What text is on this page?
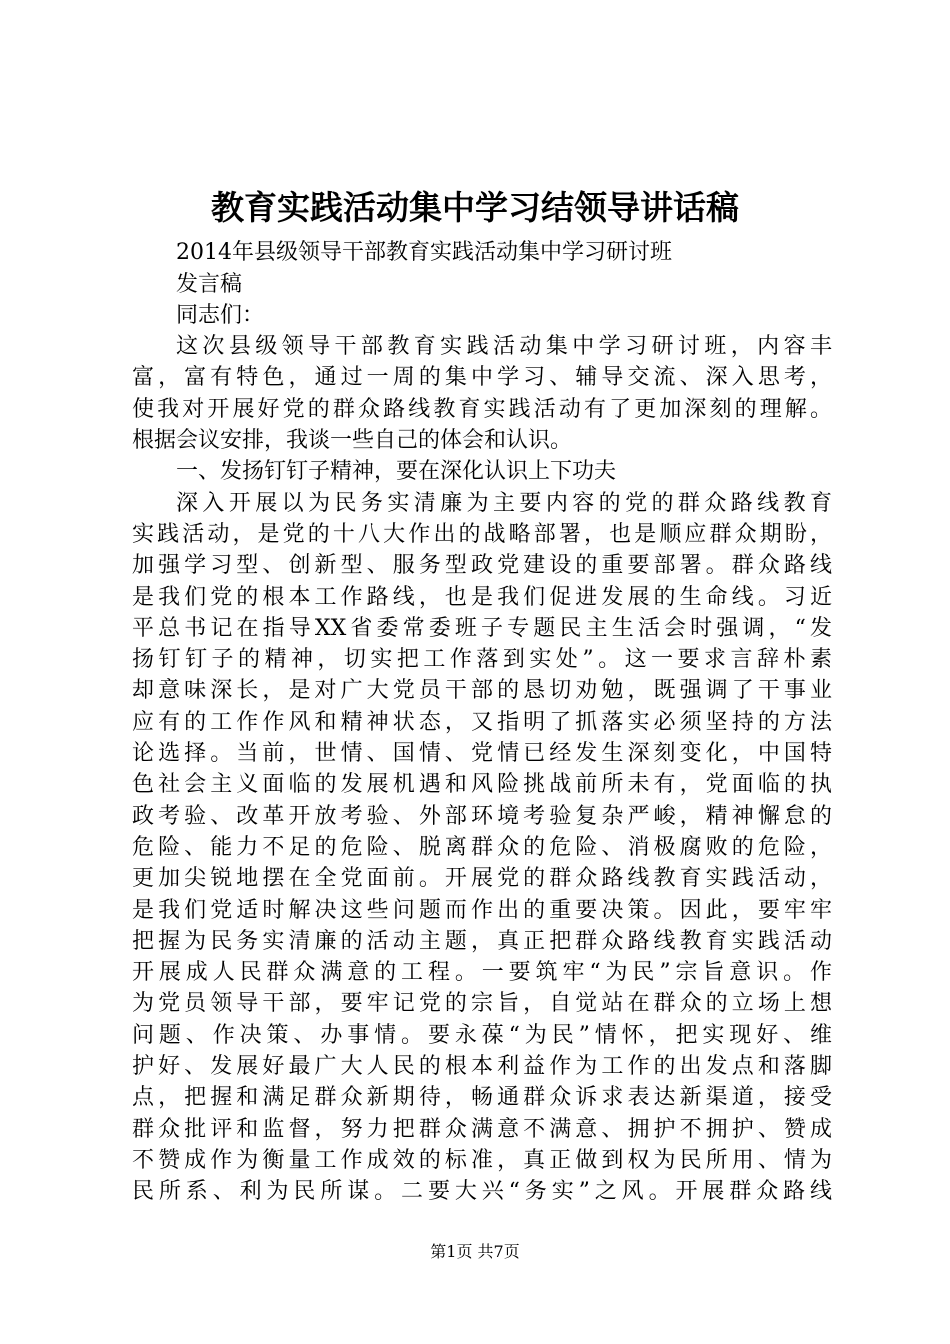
教育实践活动集中学习结领导讲话稿
2014年县级领导干部教育实践活动集中学习研讨班
发言稿
同志们：
这次县级领导干部教育实践活动集中学习研讨班，内容丰
富，富有特色，通过一周的集中学习、辅导交流、深入思考，
使我对开展好党的群众路线教育实践活动有了更加深刻的理解。
根据会议安排，我谈一些自己的体会和认识。
一、发扬钉钉子精神，要在深化认识上下功夫
深入开展以为民务实清廉为主要内容的党的群众路线教育
实践活动，是党的十八大作出的战略部署，也是顺应群众期盼，
加强学习型、创新型、服务型政党建设的重要部署。群众路线
是我们党的根本工作路线，也是我们促进发展的生命线。习近
平总书记在指导XX省委常委班子专题民主生活会时强调，“发
扬钉钉子的精神，切实把工作落到实处”。这一要求言辞朴素
却意味深长，是对广大党员干部的恳切劝勉，既强调了干事业
应有的工作作风和精神状态，又指明了抓落实必须坚持的方法
论选择。当前，世情、国情、党情已经发生深刻变化，中国特
色社会主义面临的发展机遇和风险挑战前所未有，党面临的执
政考验、改革开放考验、外部环境考验复杂严峻，精神懈怠的
危险、能力不足的危险、脱离群众的危险、消极腐败的危险，
更加尖锐地摆在全党面前。开展党的群众路线教育实践活动，
是我们党适时解决这些问题而作出的重要决策。因此，要牢牢
把握为民务实清廉的活动主题，真正把群众路线教育实践活动
开展成人民群众满意的工程。一要筑牢“为民”宗旨意识。作
为党员领导干部，要牢记党的宗旨，自觉站在群众的立场上想
问题、作决策、办事情。要永葆“为民”情怀，把实现好、维
护好、发展好最广大人民的根本利益作为工作的出发点和落脚
点，把握和满足群众新期待，畅通群众诉求表达新渠道，接受
群众批评和监督，努力把群众满意不满意、拥护不拥护、赞成
不赞成作为衡量工作成效的标准，真正做到权为民所用、情为
民所系、利为民所谋。二要大兴“务实”之风。开展群众路线
第1页 共7页
